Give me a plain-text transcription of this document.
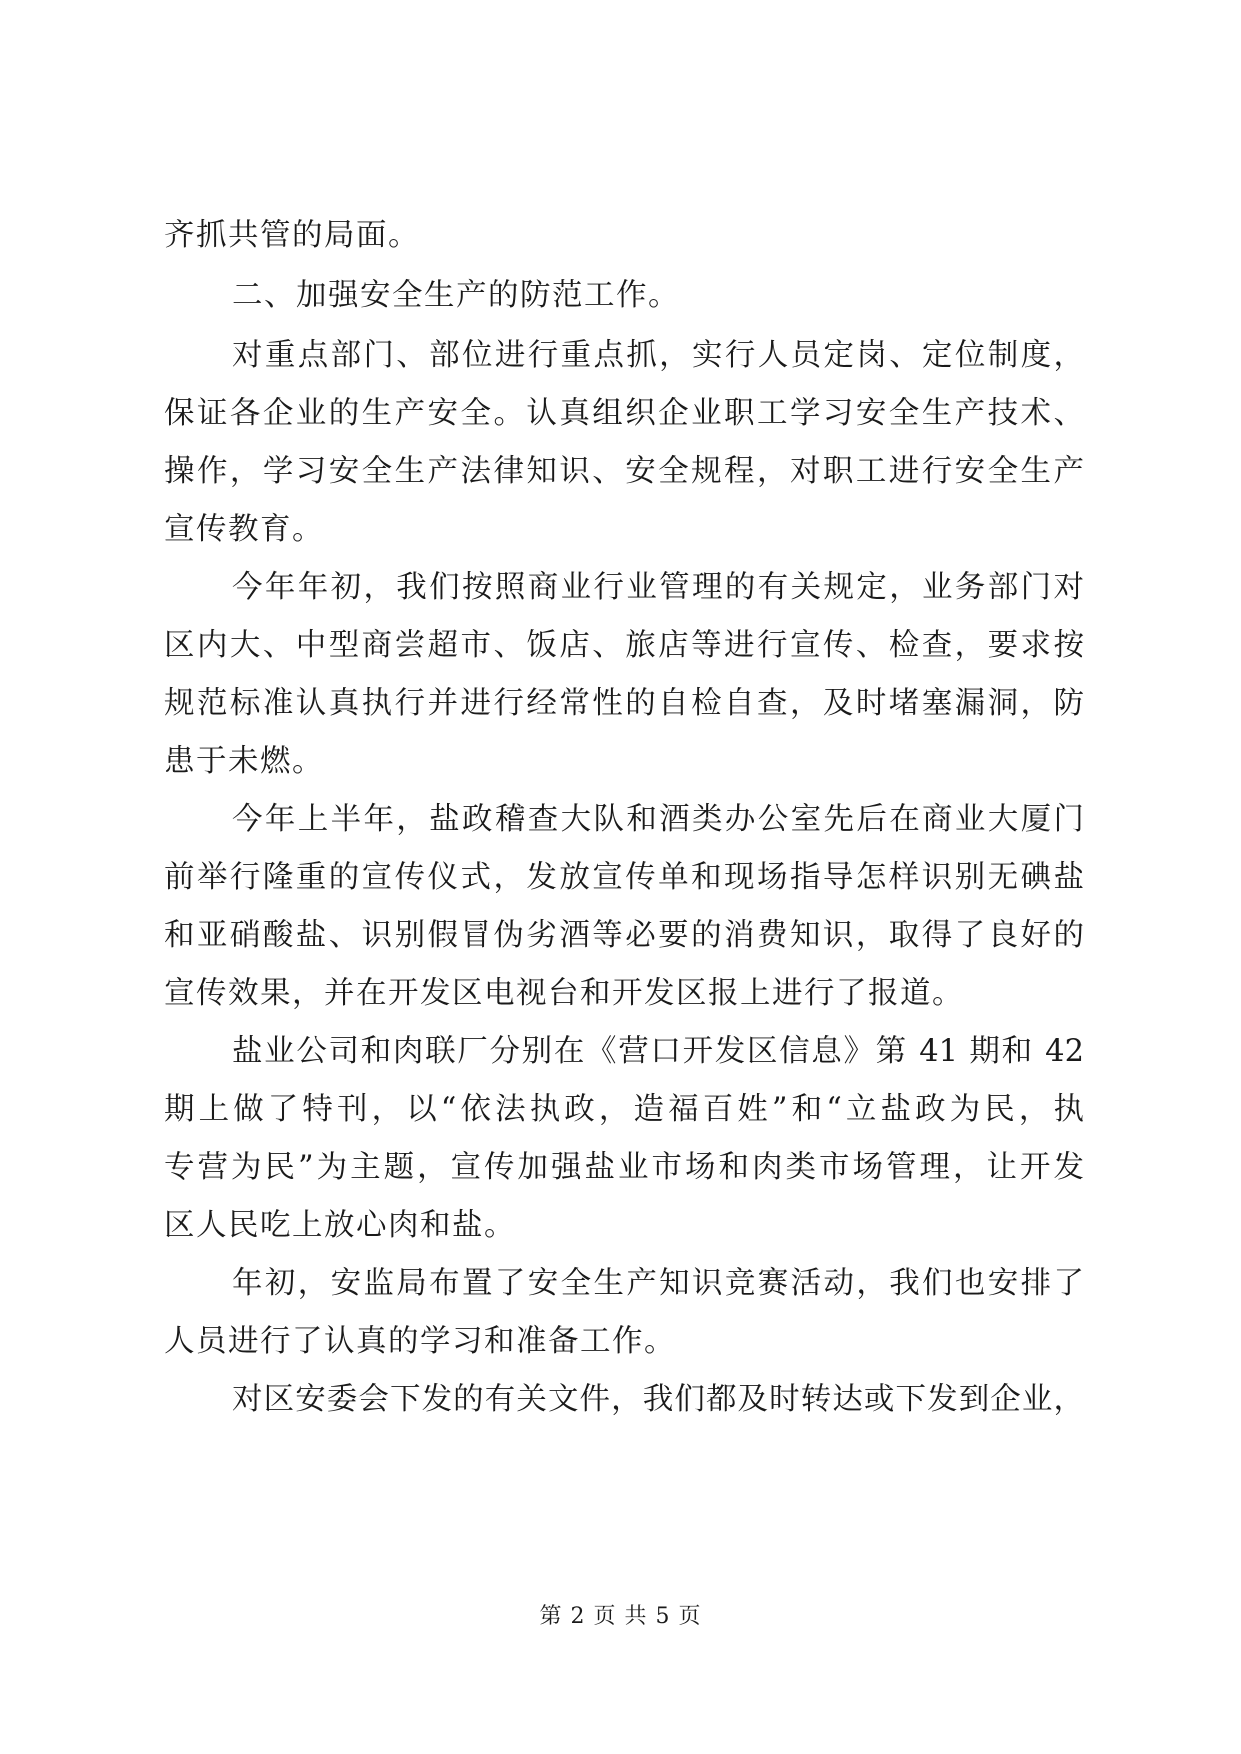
齐抓共管的局面。
二、加强安全生产的防范工作。
对重点部门、部位进行重点抓，实行人员定岗、定位制度，
保证各企业的生产安全。认真组织企业职工学习安全生产技术、
操作，学习安全生产法律知识、安全规程，对职工进行安全生产
宣传教育。
今年年初，我们按照商业行业管理的有关规定，业务部门对
区内大、中型商尝超市、饭店、旅店等进行宣传、检查，要求按
规范标准认真执行并进行经常性的自检自查，及时堵塞漏洞，防
患于未燃。
今年上半年，盐政稽查大队和酒类办公室先后在商业大厦门
前举行隆重的宣传仪式，发放宣传单和现场指导怎样识别无碘盐
和亚硝酸盐、识别假冒伪劣酒等必要的消费知识，取得了良好的
宣传效果，并在开发区电视台和开发区报上进行了报道。
盐业公司和肉联厂分别在《营口开发区信息》第 41 期和 42
期上做了特刊，以“依法执政，造福百姓”和“立盐政为民，执
专营为民”为主题，宣传加强盐业市场和肉类市场管理，让开发
区人民吃上放心肉和盐。
年初，安监局布置了安全生产知识竞赛活动，我们也安排了
人员进行了认真的学习和准备工作。
对区安委会下发的有关文件，我们都及时转达或下发到企业，
第 2 页 共 5 页
